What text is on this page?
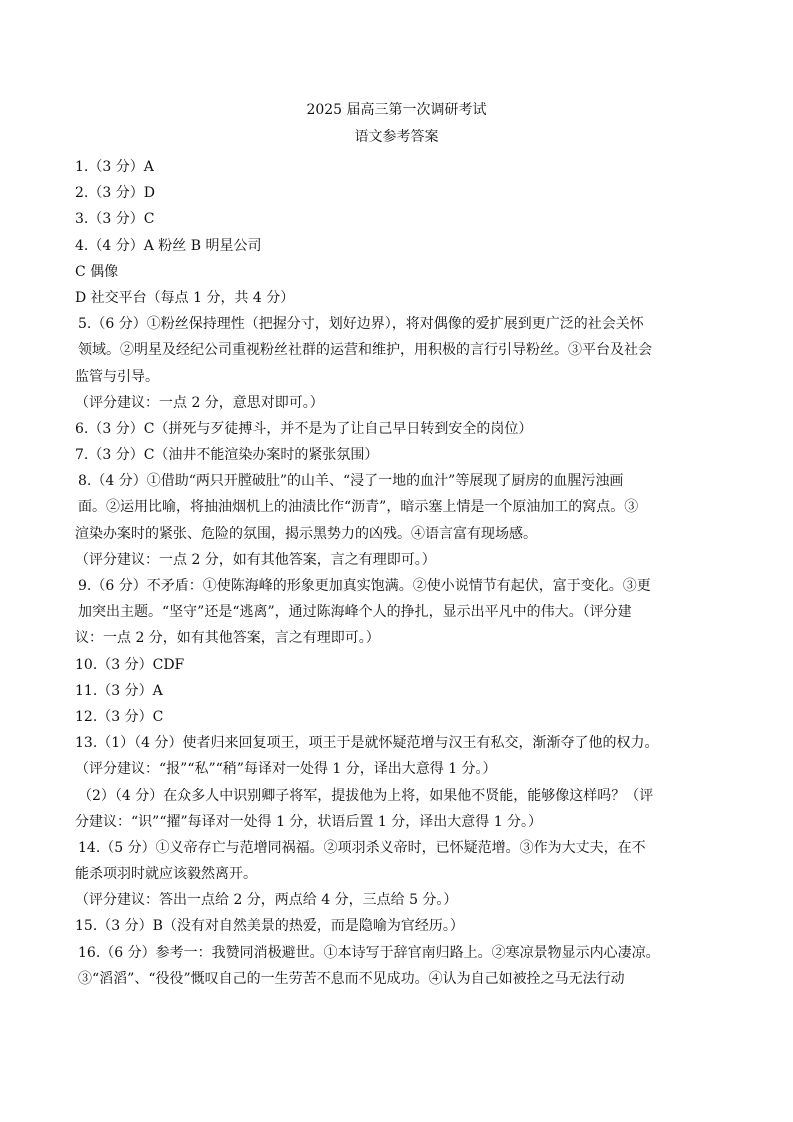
2025 届高三第一次调研考试
语文参考答案
1.（3 分）A
2.（3 分）D
3.（3 分）C
4.（4 分）A 粉丝 B 明星公司
C 偶像
D 社交平台（每点 1 分，共 4 分）
5.（6 分）①粉丝保持理性（把握分寸，划好边界），将对偶像的爱扩展到更广泛的社会关怀
领域。②明星及经纪公司重视粉丝社群的运营和维护，用积极的言行引导粉丝。③平台及社会
监管与引导。
（评分建议：一点 2 分，意思对即可。）
6.（3 分）C（拼死与歹徒搏斗，并不是为了让自己早日转到安全的岗位）
7.（3 分）C（油井不能渲染办案时的紧张氛围）
8.（4 分）①借助“两只开膛破肚”的山羊、“浸了一地的血汁”等展现了厨房的血腥污浊画
面。②运用比喻，将抽油烟机上的油渍比作“沥青”，暗示塞上情是一个原油加工的窝点。③
渲染办案时的紧张、危险的氛围，揭示黑势力的凶残。④语言富有现场感。
（评分建议：一点 2 分，如有其他答案，言之有理即可。）
9.（6 分）不矛盾：①使陈海峰的形象更加真实饱满。②使小说情节有起伏，富于变化。③更
加突出主题。“坚守”还是“逃离”，通过陈海峰个人的挣扎，显示出平凡中的伟大。（评分建
议：一点 2 分，如有其他答案，言之有理即可。）
10.（3 分）CDF
11.（3 分）A
12.（3 分）C
13.（1）（4 分）使者归来回复项王，项王于是就怀疑范增与汉王有私交，渐渐夺了他的权力。
（评分建议：“报”“私”“稍”每译对一处得 1 分，译出大意得 1 分。）
（2）（4 分）在众多人中识别卿子将军，提拔他为上将，如果他不贤能，能够像这样吗？（评
分建议：“识”“擢”每译对一处得 1 分，状语后置 1 分，译出大意得 1 分。）
14.（5 分）①义帝存亡与范增同祸福。②项羽杀义帝时，已怀疑范增。③作为大丈夫，在不
能杀项羽时就应该毅然离开。
（评分建议：答出一点给 2 分，两点给 4 分，三点给 5 分。）
15.（3 分）B（没有对自然美景的热爱，而是隐喻为官经历。）
16.（6 分）参考一：我赞同消极避世。①本诗写于辞官南归路上。②寒凉景物显示内心凄凉。
③“滔滔”、“役役”慨叹自己的一生劳苦不息而不见成功。④认为自己如被拴之马无法行动
